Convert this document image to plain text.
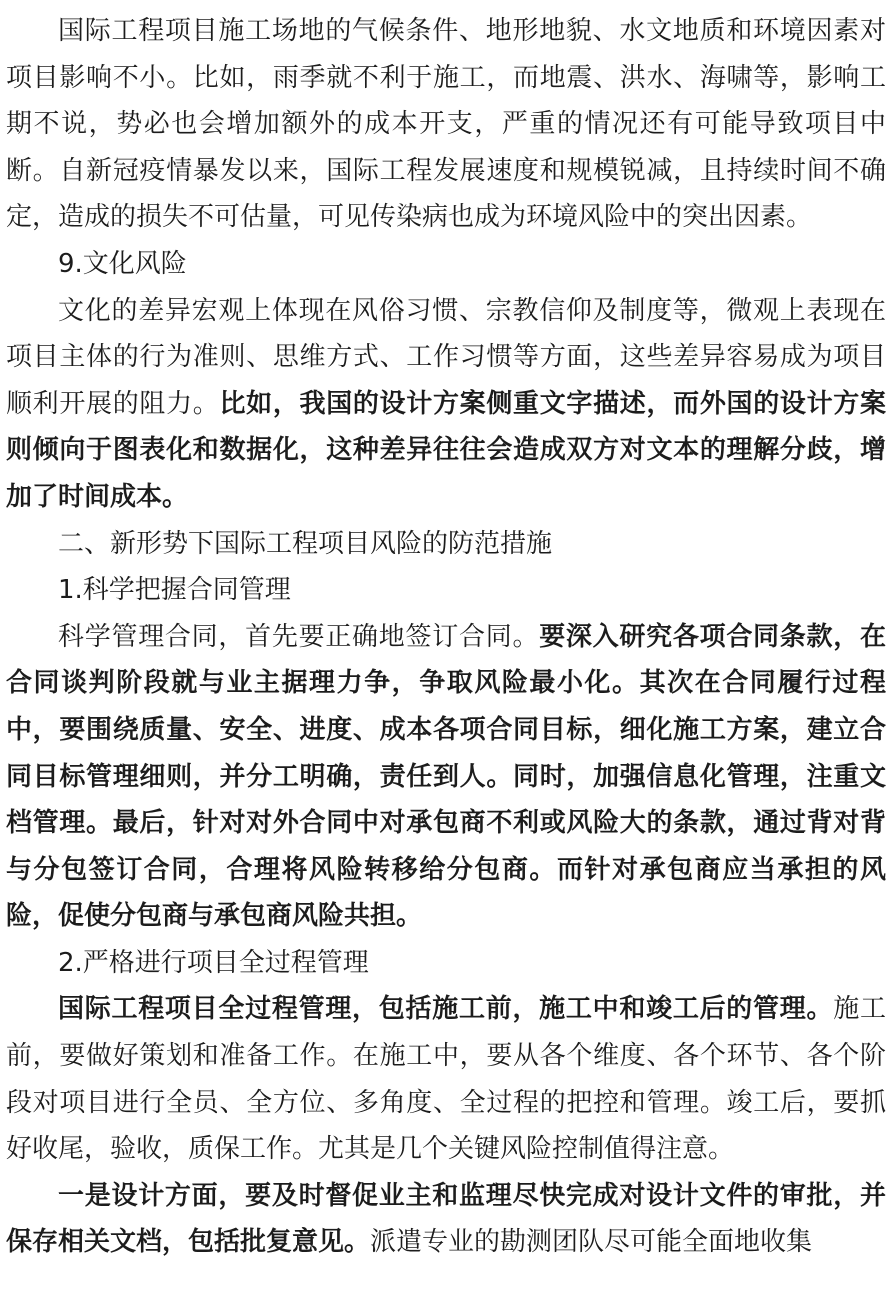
国际工程项目施工场地的气候条件、地形地貌、水文地质和环境因素对项目影响不小。比如，雨季就不利于施工，而地震、洪水、海啸等，影响工期不说，势必也会增加额外的成本开支，严重的情况还有可能导致项目中断。自新冠疫情暴发以来，国际工程发展速度和规模锐减，且持续时间不确定，造成的损失不可估量，可见传染病也成为环境风险中的突出因素。

9.文化风险

文化的差异宏观上体现在风俗习惯、宗教信仰及制度等，微观上表现在项目主体的行为准则、思维方式、工作习惯等方面，这些差异容易成为项目顺利开展的阻力。比如，我国的设计方案侧重文字描述，而外国的设计方案则倾向于图表化和数据化，这种差异往往会造成双方对文本的理解分歧，增加了时间成本。

二、新形势下国际工程项目风险的防范措施

1.科学把握合同管理

科学管理合同，首先要正确地签订合同。要深入研究各项合同条款，在合同谈判阶段就与业主据理力争，争取风险最小化。其次在合同履行过程中，要围绕质量、安全、进度、成本各项合同目标，细化施工方案，建立合同目标管理细则，并分工明确，责任到人。同时，加强信息化管理，注重文档管理。最后，针对对外合同中对承包商不利或风险大的条款，通过背对背与分包签订合同，合理将风险转移给分包商。而针对承包商应当承担的风险，促使分包商与承包商风险共担。

2.严格进行项目全过程管理

国际工程项目全过程管理，包括施工前，施工中和竣工后的管理。施工前，要做好策划和准备工作。在施工中，要从各个维度、各个环节、各个阶段对项目进行全员、全方位、多角度、全过程的把控和管理。竣工后，要抓好收尾，验收，质保工作。尤其是几个关键风险控制值得注意。

一是设计方面，要及时督促业主和监理尽快完成对设计文件的审批，并保存相关文档，包括批复意见。派遣专业的勘测团队尽可能全面地收集
